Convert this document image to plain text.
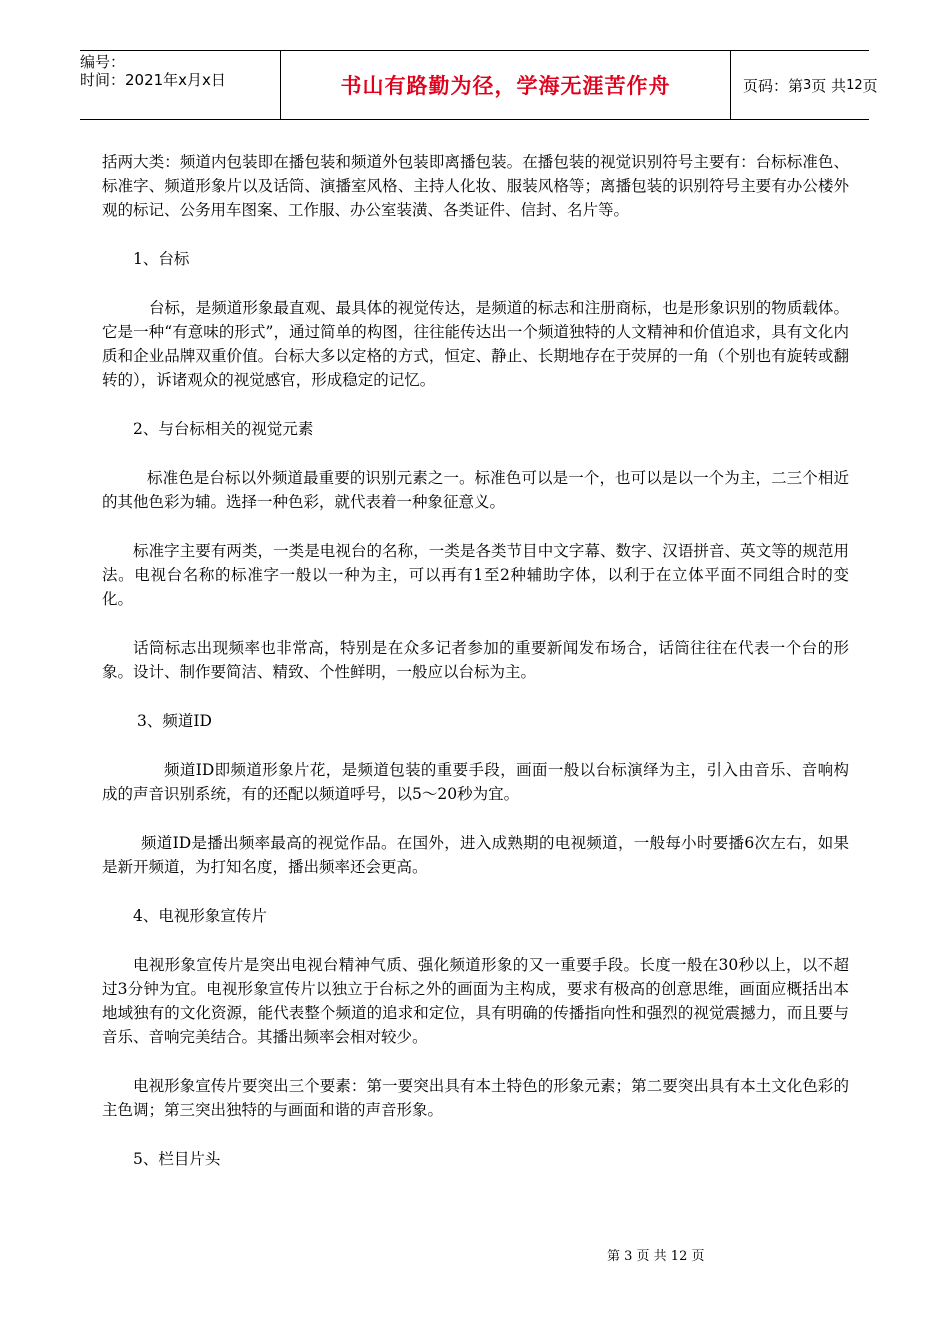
编号：
时间：2021年x月x日	书山有路勤为径，学海无涯苦作舟	页码：第 3 页 共 12 页

括两大类：频道内包装即在播包装和频道外包装即离播包装。在播包装的视觉识别符号主要有：台标标准色、标准字、频道形象片以及话筒、演播室风格、主持人化妆、服装风格等；离播包装的识别符号主要有办公楼外观的标记、公务用车图案、工作服、办公室装潢、各类证件、信封、名片等。

1、台标

台标，是频道形象最直观、最具体的视觉传达，是频道的标志和注册商标，也是形象识别的物质载体。它是一种“有意味的形式”，通过简单的构图，往往能传达出一个频道独特的人文精神和价值追求，具有文化内质和企业品牌双重价值。台标大多以定格的方式，恒定、静止、长期地存在于荧屏的一角（个别也有旋转或翻转的），诉诸观众的视觉感官，形成稳定的记忆。

2、与台标相关的视觉元素

标准色是台标以外频道最重要的识别元素之一。标准色可以是一个，也可以是以一个为主，二三个相近的其他色彩为辅。选择一种色彩，就代表着一种象征意义。

标准字主要有两类，一类是电视台的名称，一类是各类节目中文字幕、数字、汉语拼音、英文等的规范用法。电视台名称的标准字一般以一种为主，可以再有1至2种辅助字体，以利于在立体平面不同组合时的变化。

话筒标志出现频率也非常高，特别是在众多记者参加的重要新闻发布场合，话筒往往在代表一个台的形象。设计、制作要简洁、精致、个性鲜明，一般应以台标为主。

3、频道ID

频道ID即频道形象片花，是频道包装的重要手段，画面一般以台标演绎为主，引入由音乐、音响构成的声音识别系统，有的还配以频道呼号，以5～20秒为宜。

频道ID是播出频率最高的视觉作品。在国外，进入成熟期的电视频道，一般每小时要播6次左右，如果是新开频道，为打知名度，播出频率还会更高。

4、电视形象宣传片

电视形象宣传片是突出电视台精神气质、强化频道形象的又一重要手段。长度一般在30秒以上，以不超过3分钟为宜。电视形象宣传片以独立于台标之外的画面为主构成，要求有极高的创意思维，画面应概括出本地域独有的文化资源，能代表整个频道的追求和定位，具有明确的传播指向性和强烈的视觉震撼力，而且要与音乐、音响完美结合。其播出频率会相对较少。

电视形象宣传片要突出三个要素：第一要突出具有本土特色的形象元素；第二要突出具有本土文化色彩的主色调；第三突出独特的与画面和谐的声音形象。

5、栏目片头

第 3 页 共 12 页
